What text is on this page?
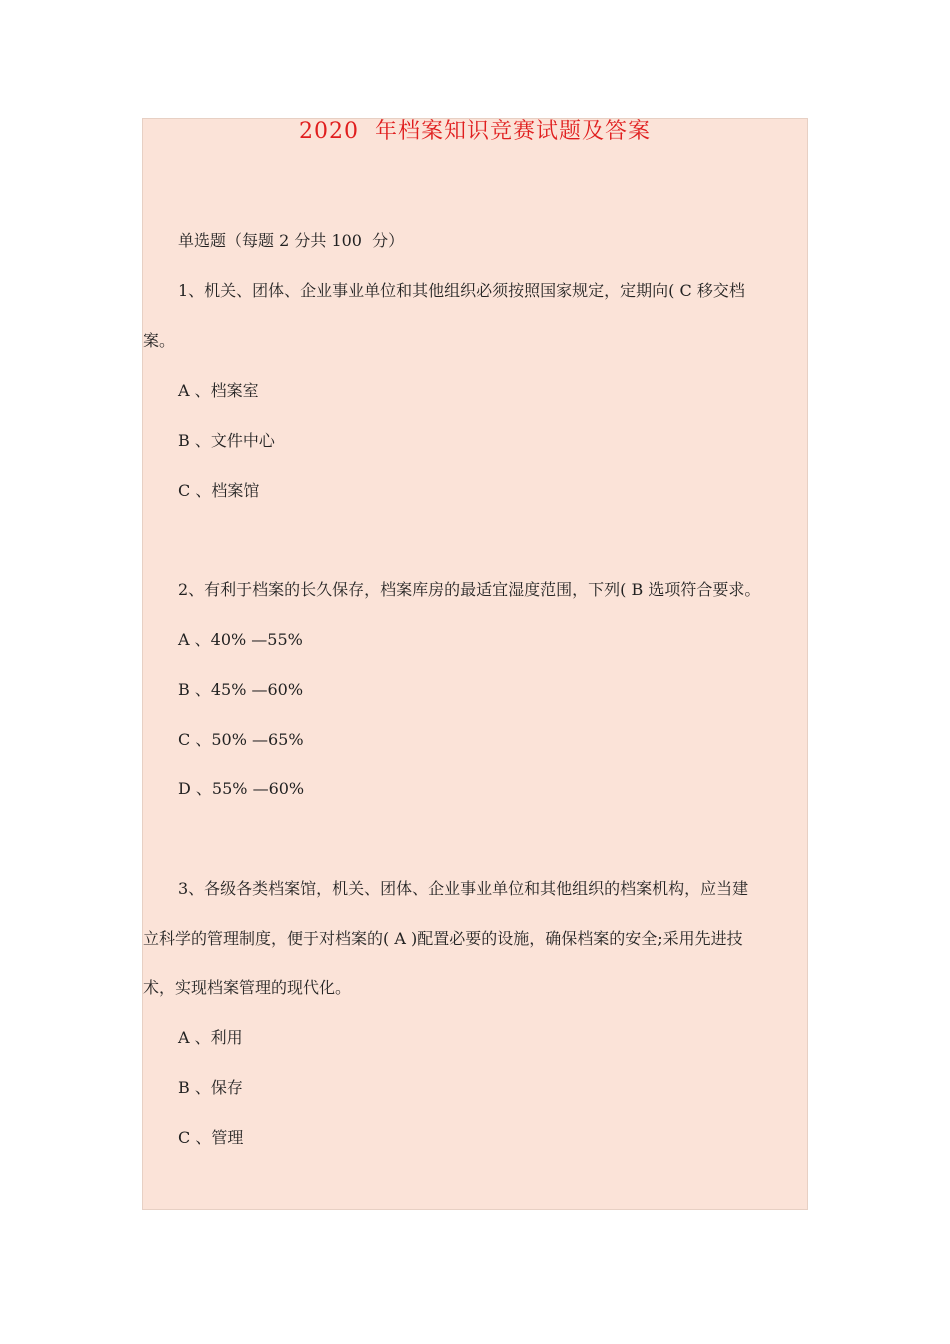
2020  年档案知识竞赛试题及答案
单选题（每题 2 分共 100  分）
1、机关、团体、企业事业单位和其他组织必须按照国家规定，定期向( C 移交档
案。
A 、档案室
B 、文件中心
C 、档案馆
2、有利于档案的长久保存，档案库房的最适宜湿度范围，下列( B 选项符合要求。
A 、40% —55%
B 、45% —60%
C 、50% —65%
D 、55% —60%
3、各级各类档案馆，机关、团体、企业事业单位和其他组织的档案机构，应当建
立科学的管理制度，便于对档案的( A )配置必要的设施，确保档案的安全;采用先进技
术，实现档案管理的现代化。
A 、利用
B 、保存
C 、管理
